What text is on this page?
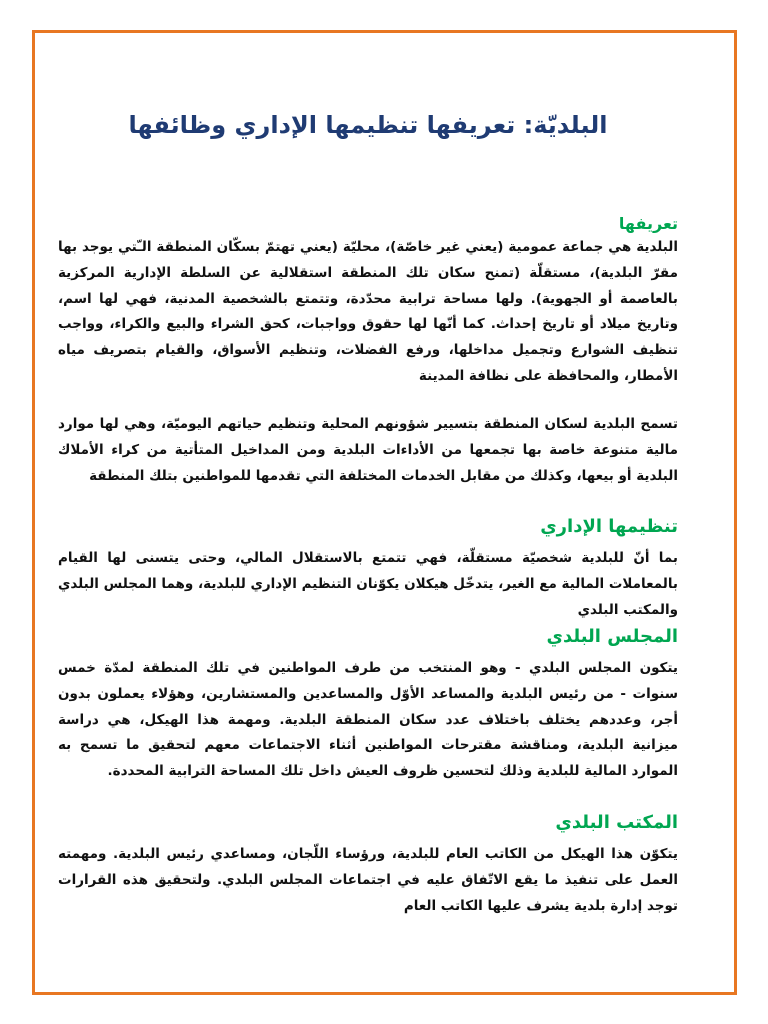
البلديّة: تعريفها تنظيمها الإداري وظائفها
تعريفها

البلدية هي جماعة عمومية (يعني غير خاصّة)، محليّة (يعني تهتمّ بسكّان المنطقة الـّتي يوجد بها مقرّ البلدية)، مستقلّة (تمنح سكان تلك المنطقة استقلالية عن السلطة الإدارية المركزية بالعاصمة أو الجهوية). ولها مساحة ترابية محدّدة، وتتمتع بالشخصية المدنية، فهي لها اسم، وتاريخ ميلاد أو تاريخ إحداث. كما أنّها لها حقوق وواجبات، كحق الشراء والبيع والكراء، وواجب تنظيف الشوارع وتجميل مداخلها، ورفع الفضلات، وتنظيم الأسواق، والقيام بتصريف مياه الأمطار، والمحافظة على نظافة المدينة

تسمح البلدية لسكان المنطقة بتسيير شؤونهم المحلية وتنظيم حياتهم اليوميّة، وهي لها موارد مالية متنوعة خاصة بها تجمعها من الأداءات البلدية ومن المداخيل المتأتية من كراء الأملاك البلدية أو بيعها، وكذلك من مقابل الخدمات المختلفة التي تقدمها للمواطنين بتلك المنطقة

تنظيمها الإداري

بما أنّ للبلدية شخصيّة مستقلّة، فهي تتمتع بالاستقلال المالي، وحتى يتسنى لها القيام بالمعاملات المالية مع الغير، يتدخّل هيكلان يكوّنان التنظيم الإداري للبلدية، وهما المجلس البلدي والمكتب البلدي

المجلس البلدي

يتكون المجلس البلدي - وهو المنتخب من طرف المواطنين في تلك المنطقة لمدّة خمس سنوات - من رئيس البلدية والمساعد الأوّل والمساعدين والمستشارين، وهؤلاء يعملون بدون أجر، وعددهم يختلف باختلاف عدد سكان المنطقة البلدية. ومهمة هذا الهيكل، هي دراسة ميزانية البلدية، ومناقشة مقترحات المواطنين أثناء الاجتماعات معهم لتحقيق ما تسمح به الموارد المالية للبلدية وذلك لتحسين ظروف العيش داخل تلك المساحة الترابية المحددة.

المكتب البلدي

يتكوّن هذا الهيكل من الكاتب العام للبلدية، ورؤساء اللّجان، ومساعدي رئيس البلدية. ومهمته العمل على تنفيذ ما يقع الاتّفاق عليه في اجتماعات المجلس البلدي. ولتحقيق هذه القرارات توجد إدارة بلدية يشرف عليها الكاتب العام
